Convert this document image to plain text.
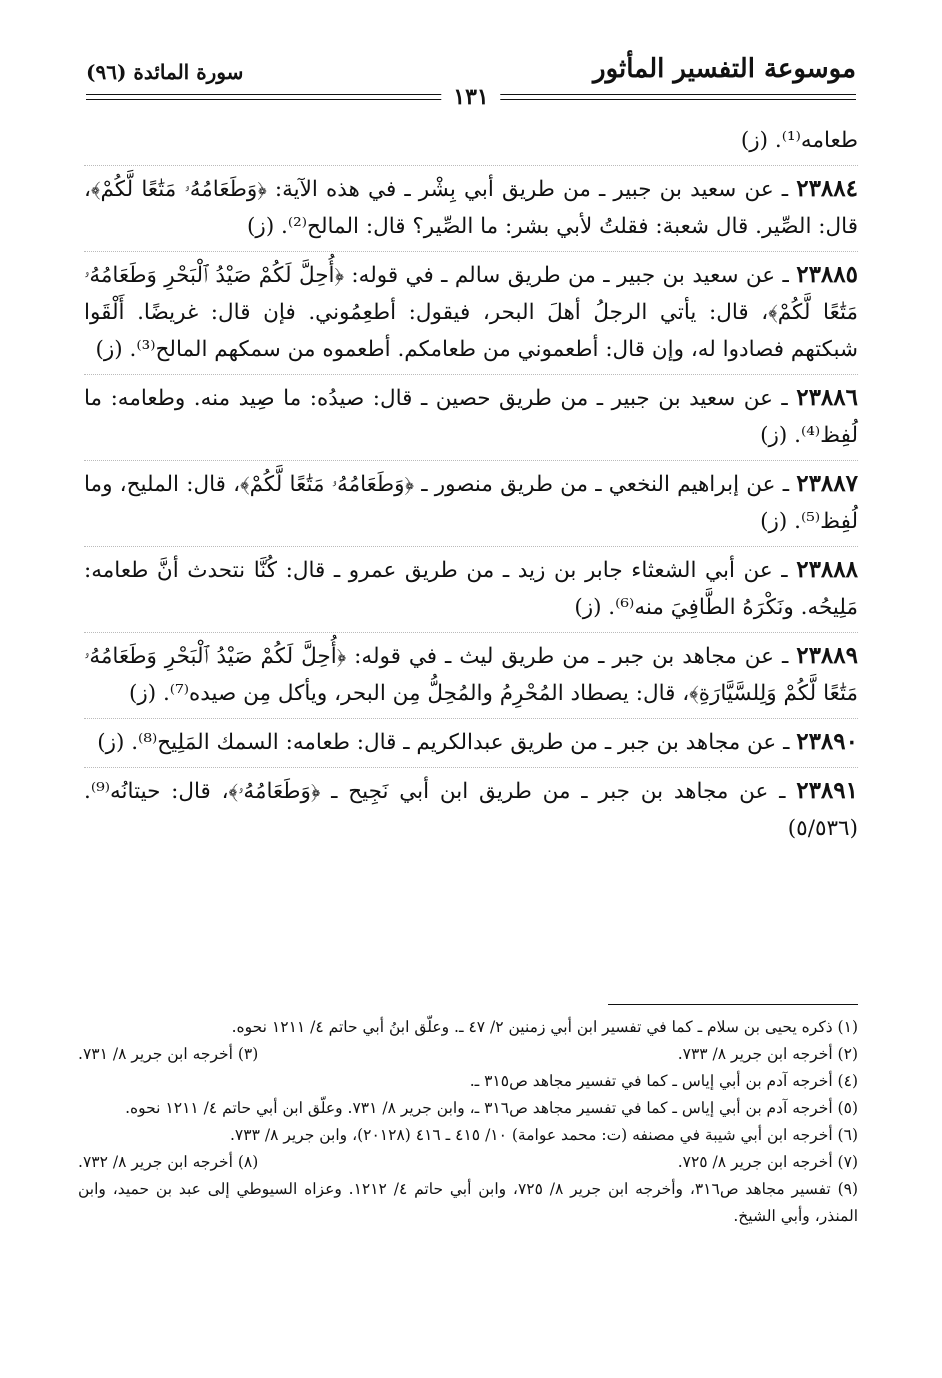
موسوعة التفسير المأثور
سورة المائدة (٩٦)
١٣١

طعامه⁽¹⁾. (ز)

٢٣٨٨٤ ـ عن سعيد بن جبير ـ من طريق أبي بِشْر ـ في هذه الآية: ﴿وَطَعَامُهُۥ مَتَٰعًا لَّكُمْ﴾، قال: الصِّير. قال شعبة: فقلتُ لأبي بشر: ما الصِّير؟ قال: المالح⁽²⁾. (ز)

٢٣٨٨٥ ـ عن سعيد بن جبير ـ من طريق سالم ـ في قوله: ﴿أُحِلَّ لَكُمْ صَيْدُ ٱلْبَحْرِ وَطَعَامُهُۥ مَتَٰعًا لَّكُمْ﴾، قال: يأتي الرجلُ أهلَ البحر، فيقول: أطعِمُوني. فإن قال: غريضًا. أَلْقَوا شبكتهم فصادوا له، وإن قال: أطعموني من طعامكم. أطعموه من سمكهم المالح⁽³⁾. (ز)

٢٣٨٨٦ ـ عن سعيد بن جبير ـ من طريق حصين ـ قال: صيدُه: ما صِيد منه. وطعامه: ما لُفِظ⁽⁴⁾. (ز)

٢٣٨٨٧ ـ عن إبراهيم النخعي ـ من طريق منصور ـ ﴿وَطَعَامُهُۥ مَتَٰعًا لَّكُمْ﴾، قال: المليح، وما لُفِظ⁽⁵⁾. (ز)

٢٣٨٨٨ ـ عن أبي الشعثاء جابر بن زيد ـ من طريق عمرو ـ قال: كُنَّا نتحدث أنَّ طعامه: مَلِيحُه. ونَكْرَهُ الطَّافِيَ منه⁽⁶⁾. (ز)

٢٣٨٨٩ ـ عن مجاهد بن جبر ـ من طريق ليث ـ في قوله: ﴿أُحِلَّ لَكُمْ صَيْدُ ٱلْبَحْرِ وَطَعَامُهُۥ مَتَٰعًا لَّكُمْ وَلِلسَّيَّارَةِ﴾، قال: يصطاد المُحْرِمُ والمُحِلُّ مِن البحر، ويأكل مِن صيده⁽⁷⁾. (ز)

٢٣٨٩٠ ـ عن مجاهد بن جبر ـ من طريق عبدالكريم ـ قال: طعامه: السمك المَلِيح⁽⁸⁾. (ز)

٢٣٨٩١ ـ عن مجاهد بن جبر ـ من طريق ابن أبي نَجِيح ـ ﴿وَطَعَامُهُۥ﴾، قال: حيتانُه⁽⁹⁾. (٥/٥٣٦)

(١) ذكره يحيى بن سلام ـ كما في تفسير ابن أبي زمنين ٢/ ٤٧ ـ. وعلّق ابنُ أبي حاتم ٤/ ١٢١١ نحوه.
(٢) أخرجه ابن جرير ٨/ ٧٣٣.
(٣) أخرجه ابن جرير ٨/ ٧٣١.
(٤) أخرجه آدم بن أبي إياس ـ كما في تفسير مجاهد ص٣١٥ ـ.
(٥) أخرجه آدم بن أبي إياس ـ كما في تفسير مجاهد ص٣١٦ ـ، وابن جرير ٨/ ٧٣١. وعلّق ابن أبي حاتم ٤/ ١٢١١ نحوه.
(٦) أخرجه ابن أبي شيبة في مصنفه (ت: محمد عوامة) ١٠/ ٤١٥ ـ ٤١٦ (٢٠١٢٨)، وابن جرير ٨/ ٧٣٣.
(٧) أخرجه ابن جرير ٨/ ٧٢٥.
(٨) أخرجه ابن جرير ٨/ ٧٣٢.
(٩) تفسير مجاهد ص٣١٦، وأخرجه ابن جرير ٨/ ٧٢٥، وابن أبي حاتم ٤/ ١٢١٢. وعزاه السيوطي إلى عبد بن حميد، وابن المنذر، وأبي الشيخ.
